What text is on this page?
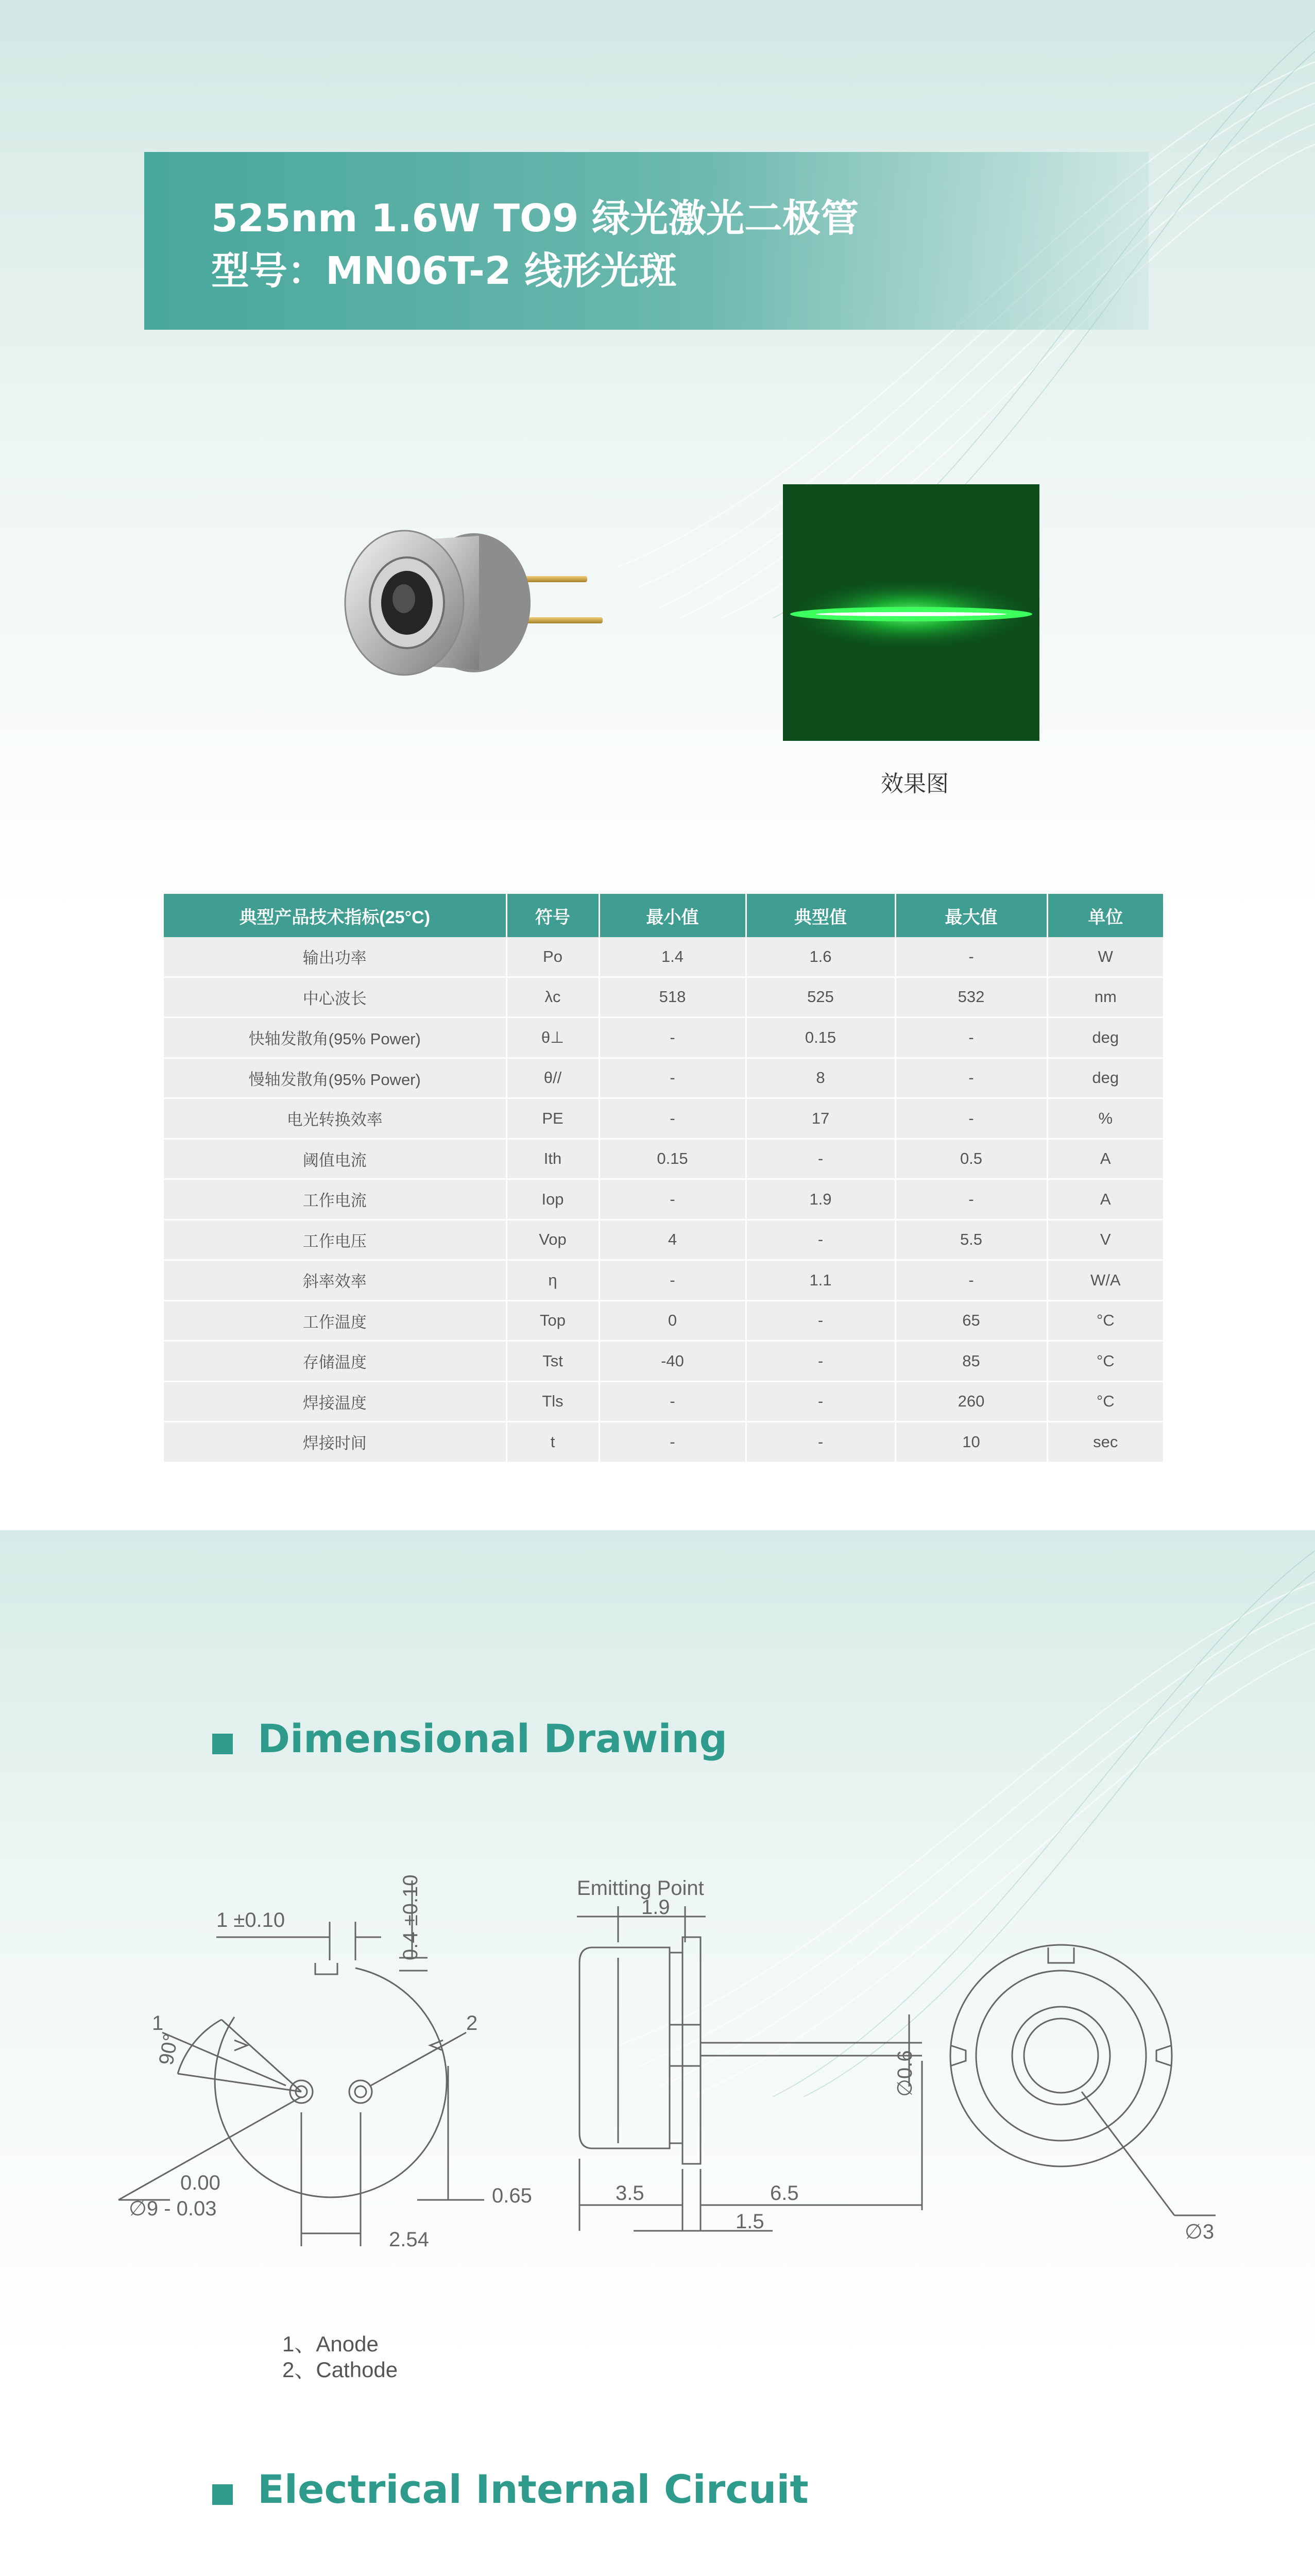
525nm 1.6W TO9 绿光激光二极管
型号：MN06T-2 线形光斑
效果图
典型产品技术指标(25°C)	符号	最小值	典型值	最大值	单位
输出功率	Po	1.4	1.6	-	W
中心波长	λc	518	525	532	nm
快轴发散角(95% Power)	θ⊥	-	0.15	-	deg
慢轴发散角(95% Power)	θ//	-	8	-	deg
电光转换效率	PE	-	17	-	%
阈值电流	Ith	0.15	-	0.5	A
工作电流	Iop	-	1.9	-	A
工作电压	Vop	4	-	5.5	V
斜率效率	η	-	1.1	-	W/A
工作温度	Top	0	-	65	°C
存储温度	Tst	-40	-	85	°C
焊接温度	Tls	-	-	260	°C
焊接时间	t	-	-	10	sec
Dimensional Drawing
1 ±0.10	0.4 ±0.10
1	2
90°
0.00
∅9 - 0.03
2.54
0.65
Emitting Point
1.9
3.5	6.5
1.5
∅0.6
∅3
1、Anode
2、Cathode
Electrical Internal Circuit
